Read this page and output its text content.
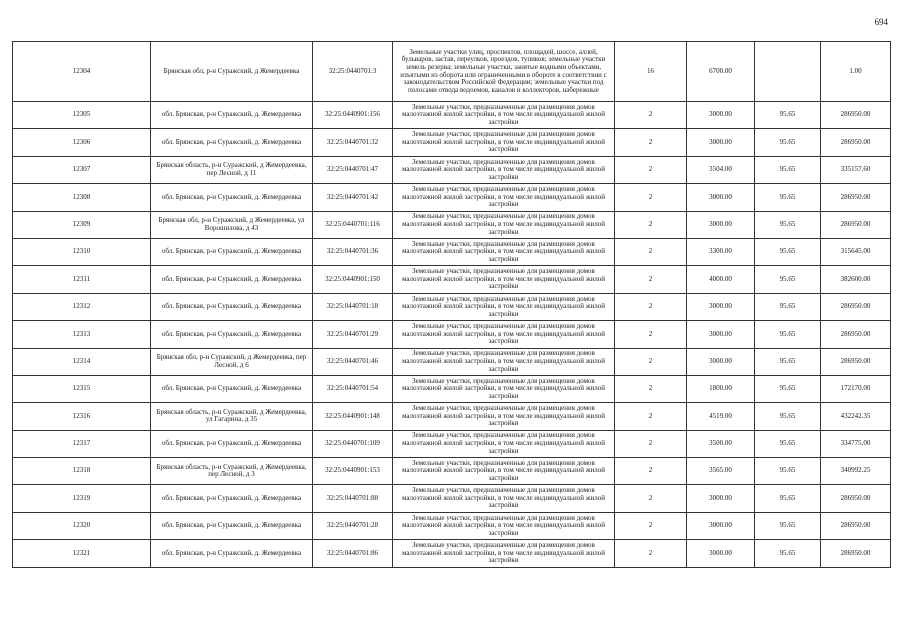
694
12304	Брянская обл, р-н Суражский, д Жемердеевка	32:25:0440701:3	Земельные участки улиц, проспектов, площадей, шоссе, аллей, бульваров, застав, переулков, проездов, тупиков; земельные участки земель резерва; земельные участки, занятые водными объектами, изъятыми из оборота или ограниченными в обороте в соответствии с законодательством Российской Федерации; земельные участки под полосами отвода водоемов, каналов и коллекторов, набережные	16	6700.00		1.00
12305	обл. Брянская, р-н Суражский, д. Жемердеевка	32:25:0440901:156	Земельные участки, предназначенные для размещения домов малоэтажной жилой застройки, в том числе индивидуальной жилой застройки	2	3000.00	95.65	286950.00
12306	обл. Брянская, р-н Суражский, д. Жемердеевка	32:25:0440701:32	Земельные участки, предназначенные для размещения домов малоэтажной жилой застройки, в том числе индивидуальной жилой застройки	2	3000.00	95.65	286950.00
12307	Брянская область, р-н Суражский, д Жемердеевка, пер Лесной, д 11	32:25:0440701:47	Земельные участки, предназначенные для размещения домов малоэтажной жилой застройки, в том числе индивидуальной жилой застройки	2	3504.00	95.65	335157.60
12308	обл. Брянская, р-н Суражский, д. Жемердеевка	32:25:0440701:42	Земельные участки, предназначенные для размещения домов малоэтажной жилой застройки, в том числе индивидуальной жилой застройки	2	3000.00	95.65	286950.00
12309	Брянская обл, р-н Суражский, д Жемердеевка, ул Ворошилова, д 43	32:25:0440701:116	Земельные участки, предназначенные для размещения домов малоэтажной жилой застройки, в том числе индивидуальной жилой застройки	2	3000.00	95.65	286950.00
12310	обл. Брянская, р-н Суражский, д. Жемердеевка	32:25:0440701:36	Земельные участки, предназначенные для размещения домов малоэтажной жилой застройки, в том числе индивидуальной жилой застройки	2	3300.00	95.65	315645.00
12311	обл. Брянская, р-н Суражский, д. Жемердеевка	32:25:0440901:150	Земельные участки, предназначенные для размещения домов малоэтажной жилой застройки, в том числе индивидуальной жилой застройки	2	4000.00	95.65	382600.00
12312	обл. Брянская, р-н Суражский, д. Жемердеевка	32:25:0440701:18	Земельные участки, предназначенные для размещения домов малоэтажной жилой застройки, в том числе индивидуальной жилой застройки	2	3000.00	95.65	286950.00
12313	обл. Брянская, р-н Суражский, д. Жемердеевка	32:25:0440701:29	Земельные участки, предназначенные для размещения домов малоэтажной жилой застройки, в том числе индивидуальной жилой застройки	2	3000.00	95.65	286950.00
12314	Брянская обл, р-н Суражский, д Жемердеевка, пер Лесной, д 6	32:25:0440701:46	Земельные участки, предназначенные для размещения домов малоэтажной жилой застройки, в том числе индивидуальной жилой застройки	2	3000.00	95.65	286950.00
12315	обл. Брянская, р-н Суражский, д. Жемердеевка	32:25:0440701:54	Земельные участки, предназначенные для размещения домов малоэтажной жилой застройки, в том числе индивидуальной жилой застройки	2	1800.00	95.65	172170.00
12316	Брянская область, р-н Суражский, д Жемердеевка, ул Гагарина, д 35	32:25:0440901:148	Земельные участки, предназначенные для размещения домов малоэтажной жилой застройки, в том числе индивидуальной жилой застройки	2	4519.00	95.65	432242.35
12317	обл. Брянская, р-н Суражский, д. Жемердеевка	32:25:0440701:109	Земельные участки, предназначенные для размещения домов малоэтажной жилой застройки, в том числе индивидуальной жилой застройки	2	3500.00	95.65	334775.00
12318	Брянская область, р-н Суражский, д Жемердеевка, пер Лесной, д 3	32:25:0440901:153	Земельные участки, предназначенные для размещения домов малоэтажной жилой застройки, в том числе индивидуальной жилой застройки	2	3565.00	95.65	340992.25
12319	обл. Брянская, р-н Суражский, д. Жемердеевка	32:25:0440701:88	Земельные участки, предназначенные для размещения домов малоэтажной жилой застройки, в том числе индивидуальной жилой застройки	2	3000.00	95.65	286950.00
12320	обл. Брянская, р-н Суражский, д. Жемердеевка	32:25:0440701:28	Земельные участки, предназначенные для размещения домов малоэтажной жилой застройки, в том числе индивидуальной жилой застройки	2	3000.00	95.65	286950.00
12321	обл. Брянская, р-н Суражский, д. Жемердеевка	32:25:0440701:86	Земельные участки, предназначенные для размещения домов малоэтажной жилой застройки, в том числе индивидуальной жилой застройки	2	3000.00	95.65	286950.00
